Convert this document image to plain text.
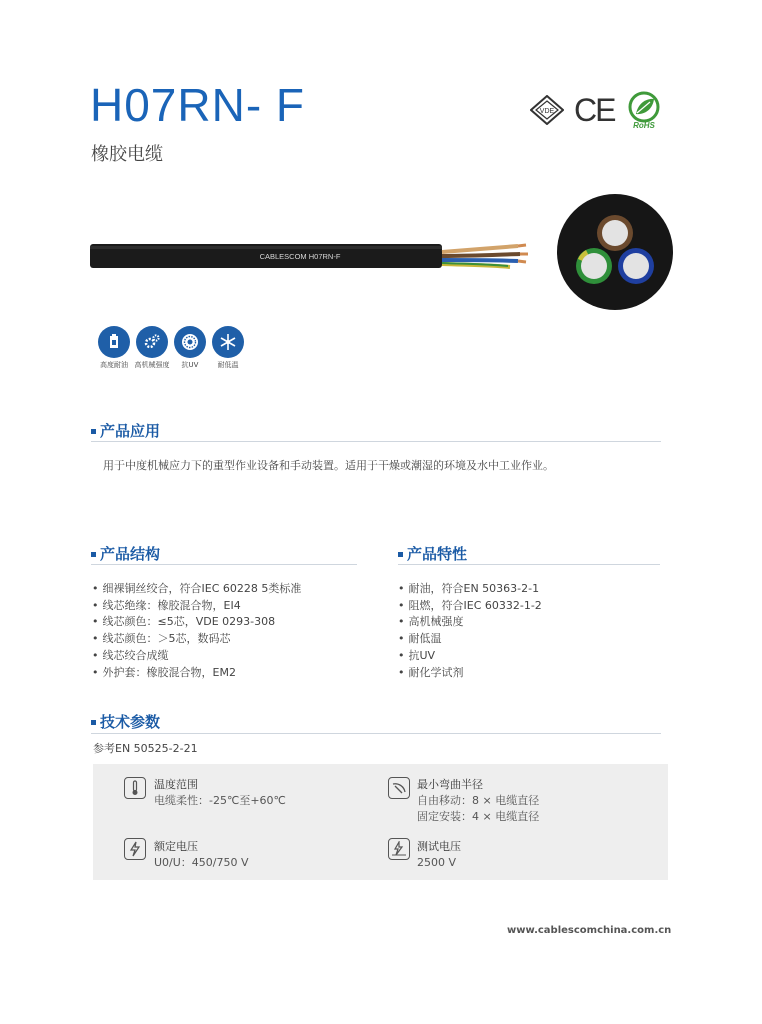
H07RN- F
橡胶电缆
VDE CE RoHS
CABLESCOM H07RN-F
高度耐油 高机械强度 抗UV	耐低温
产品应用
用于中度机械应力下的重型作业设备和手动装置。适用于干燥或潮湿的环境及水中工业作业。
产品结构
• 细裸铜丝绞合，符合IEC 60228 5类标准
• 线芯绝缘：橡胶混合物，EI4
• 线芯颜色：≤5芯，VDE 0293-308
• 线芯颜色：＞5芯，数码芯
• 线芯绞合成缆
• 外护套：橡胶混合物，EM2
产品特性
• 耐油，符合EN 50363-2-1
• 阻燃，符合IEC 60332-1-2
• 高机械强度
• 耐低温
• 抗UV
• 耐化学试剂
技术参数
参考EN 50525-2-21
温度范围
电缆柔性：-25℃至+60℃
最小弯曲半径
自由移动：8 × 电缆直径
固定安装：4 × 电缆直径
额定电压
U0/U：450/750 V
测试电压
2500 V
www.cablescomchina.com.cn
